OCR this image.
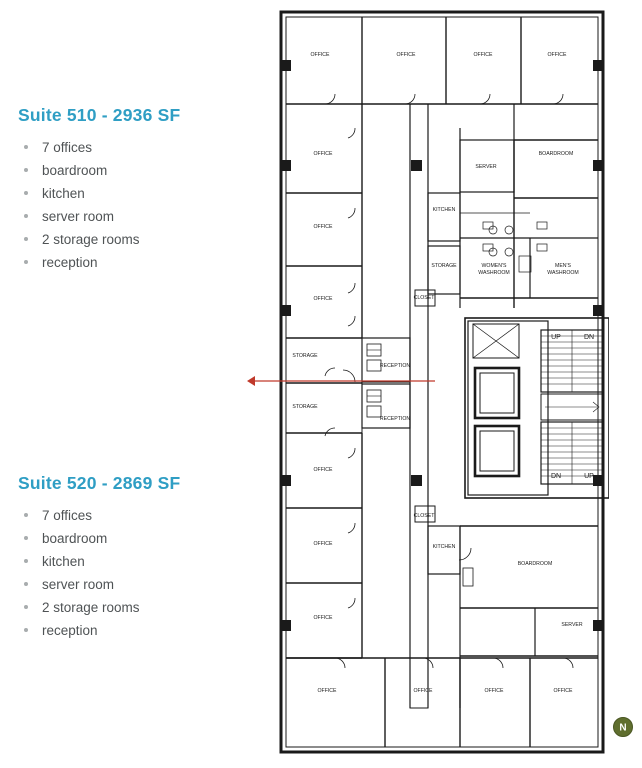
Suite 510 - 2936 SF
7 offices
boardroom
kitchen
server room
2 storage rooms
reception
Suite 520 - 2869 SF
7 offices
boardroom
kitchen
server room
2 storage rooms
reception
OFFICE	OFFICE	OFFICE	OFFICE
OFFICE
OFFICE
OFFICE
SERVER
BOARDROOM
KITCHEN
STORAGE	WOMEN'S
WASHROOM
MEN'S
WASHROOM
CLOSET
STORAGE
RECEPTION
STORAGE
RECEPTION
UP	DN
DN	UP
OFFICE
OFFICE
OFFICE
CLOSET
KITCHEN
BOARDROOM
SERVER
OFFICE	OFFICE	OFFICE	OFFICE
N
